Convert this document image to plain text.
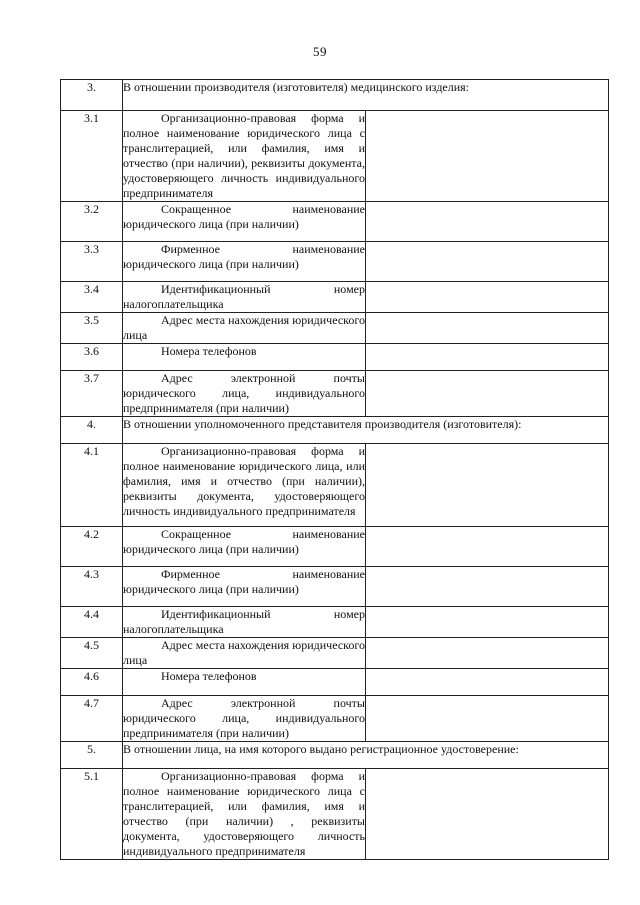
59
3.	В отношении производителя (изготовителя) медицинского изделия:	
3.1	Организационно-правовая форма и полное наименование юридического лица с транслитерацией, или фамилия, имя и отчество (при наличии), реквизиты документа, удостоверяющего личность индивидуального предпринимателя	
3.2	Сокращенное наименование юридического лица (при наличии)	
3.3	Фирменное наименование юридического лица (при наличии)	
3.4	Идентификационный номер налогоплательщика	
3.5	Адрес места нахождения юридического лица	
3.6	Номера телефонов	
3.7	Адрес электронной почты юридического лица, индивидуального предпринимателя (при наличии)	
4.	В отношении уполномоченного представителя производителя (изготовителя):	
4.1	Организационно-правовая форма и полное наименование юридического лица, или фамилия, имя и отчество (при наличии), реквизиты документа, удостоверяющего личность индивидуального предпринимателя	
4.2	Сокращенное наименование юридического лица (при наличии)	
4.3	Фирменное наименование юридического лица (при наличии)	
4.4	Идентификационный номер налогоплательщика	
4.5	Адрес места нахождения юридического лица	
4.6	Номера телефонов	
4.7	Адрес электронной почты юридического лица, индивидуального предпринимателя (при наличии)	
5.	В отношении лица, на имя которого выдано регистрационное удостоверение:	
5.1	Организационно-правовая форма и полное наименование юридического лица с транслитерацией, или фамилия, имя и отчество (при наличии) , реквизиты документа, удостоверяющего личность индивидуального предпринимателя	
